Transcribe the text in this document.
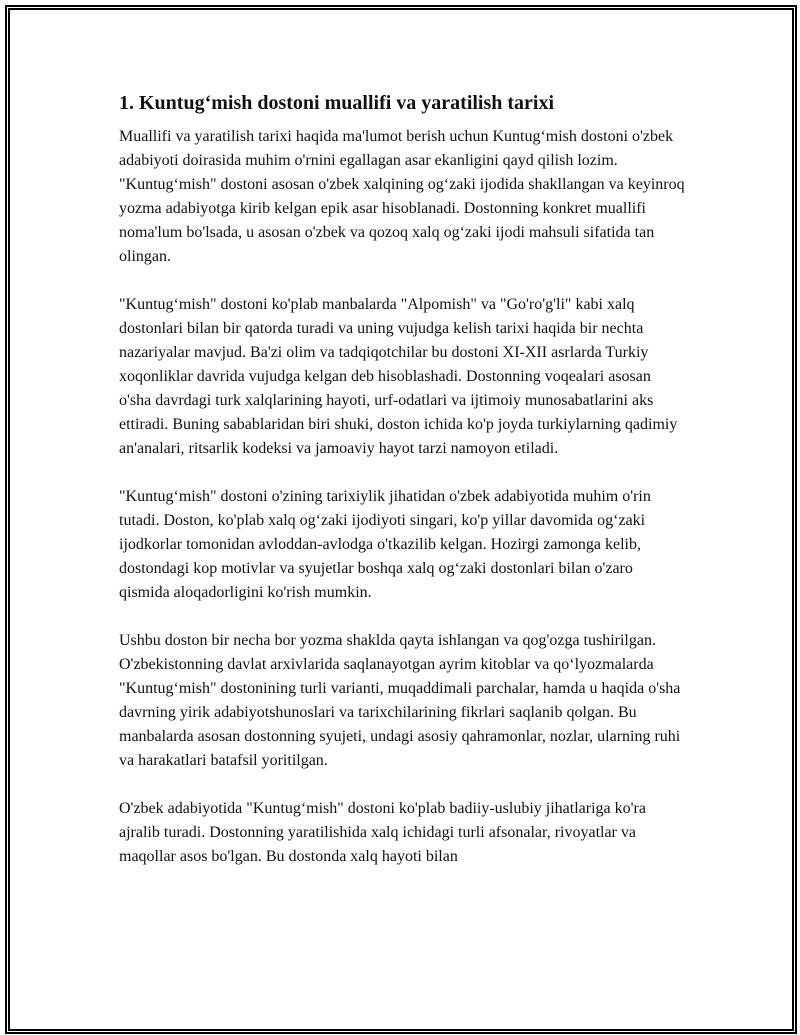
1. Kuntug‘mish dostoni muallifi va yaratilish tarixi

Muallifi va yaratilish tarixi haqida ma'lumot berish uchun Kuntug‘mish dostoni o'zbek adabiyoti doirasida muhim o'rnini egallagan asar ekanligini qayd qilish lozim. "Kuntug‘mish" dostoni asosan o'zbek xalqining og‘zaki ijodida shakllangan va keyinroq yozma adabiyotga kirib kelgan epik asar hisoblanadi. Dostonning konkret muallifi noma'lum bo'lsada, u asosan o'zbek va qozoq xalq og‘zaki ijodi mahsuli sifatida tan olingan.

"Kuntug‘mish" dostoni ko'plab manbalarda "Alpomish" va "Go'ro'g'li" kabi xalq dostonlari bilan bir qatorda turadi va uning vujudga kelish tarixi haqida bir nechta nazariyalar mavjud. Ba'zi olim va tadqiqotchilar bu dostoni XI-XII asrlarda Turkiy xoqonliklar davrida vujudga kelgan deb hisoblashadi. Dostonning voqealari asosan o'sha davrdagi turk xalqlarining hayoti, urf-odatlari va ijtimoiy munosabatlarini aks ettiradi. Buning sabablaridan biri shuki, doston ichida ko'p joyda turkiylarning qadimiy an'analari, ritsarlik kodeksi va jamoaviy hayot tarzi namoyon etiladi.

"Kuntug‘mish" dostoni o'zining tarixiylik jihatidan o'zbek adabiyotida muhim o'rin tutadi. Doston, ko'plab xalq og‘zaki ijodiyoti singari, ko'p yillar davomida og‘zaki ijodkorlar tomonidan avloddan-avlodga o'tkazilib kelgan. Hozirgi zamonga kelib, dostondagi kop motivlar va syujetlar boshqa xalq og‘zaki dostonlari bilan o'zaro qismida aloqadorligini ko'rish mumkin.

Ushbu doston bir necha bor yozma shaklda qayta ishlangan va qog'ozga tushirilgan. O'zbekistonning davlat arxivlarida saqlanayotgan ayrim kitoblar va qo‘lyozmalarda "Kuntug‘mish" dostonining turli varianti, muqaddimali parchalar, hamda u haqida o'sha davrning yirik adabiyotshunoslari va tarixchilarining fikrlari saqlanib qolgan. Bu manbalarda asosan dostonning syujeti, undagi asosiy qahramonlar, nozlar, ularning ruhi va harakatlari batafsil yoritilgan.

O'zbek adabiyotida "Kuntug‘mish" dostoni ko'plab badiiy-uslubiy jihatlariga ko'ra ajralib turadi. Dostonning yaratilishida xalq ichidagi turli afsonalar, rivoyatlar va maqollar asos bo'lgan. Bu dostonda xalq hayoti bilan
